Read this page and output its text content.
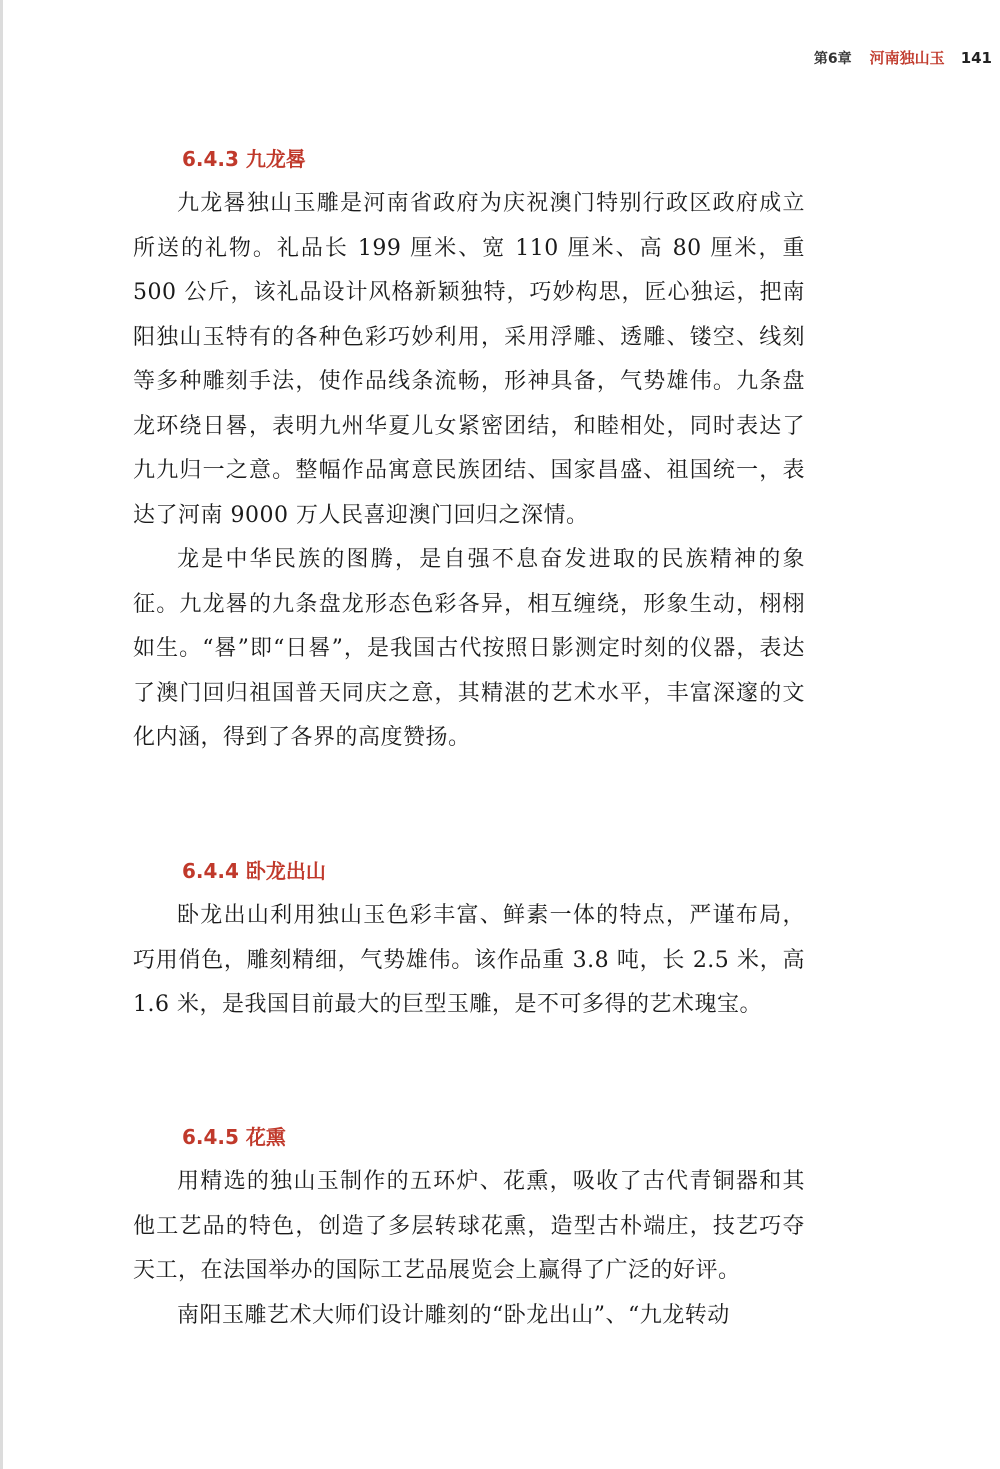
第6章 河南独山玉 141
6.4.3 九龙晷

九龙晷独山玉雕是河南省政府为庆祝澳门特别行政区政府成立所送的礼物。礼品长 199 厘米、宽 110 厘米、高 80 厘米，重 500 公斤，该礼品设计风格新颖独特，巧妙构思，匠心独运，把南阳独山玉特有的各种色彩巧妙利用，采用浮雕、透雕、镂空、线刻等多种雕刻手法，使作品线条流畅，形神具备，气势雄伟。九条盘龙环绕日晷，表明九州华夏儿女紧密团结，和睦相处，同时表达了九九归一之意。整幅作品寓意民族团结、国家昌盛、祖国统一，表达了河南 9000 万人民喜迎澳门回归之深情。

龙是中华民族的图腾，是自强不息奋发进取的民族精神的象征。九龙晷的九条盘龙形态色彩各异，相互缠绕，形象生动，栩栩如生。“晷”即“日晷”，是我国古代按照日影测定时刻的仪器，表达了澳门回归祖国普天同庆之意，其精湛的艺术水平，丰富深邃的文化内涵，得到了各界的高度赞扬。

6.4.4 卧龙出山

卧龙出山利用独山玉色彩丰富、鲜素一体的特点，严谨布局，巧用俏色，雕刻精细，气势雄伟。该作品重 3.8 吨，长 2.5 米，高 1.6 米，是我国目前最大的巨型玉雕，是不可多得的艺术瑰宝。

6.4.5 花熏

用精选的独山玉制作的五环炉、花熏，吸收了古代青铜器和其他工艺品的特色，创造了多层转球花熏，造型古朴端庄，技艺巧夺天工，在法国举办的国际工艺品展览会上赢得了广泛的好评。

南阳玉雕艺术大师们设计雕刻的“卧龙出山”、“九龙转动
